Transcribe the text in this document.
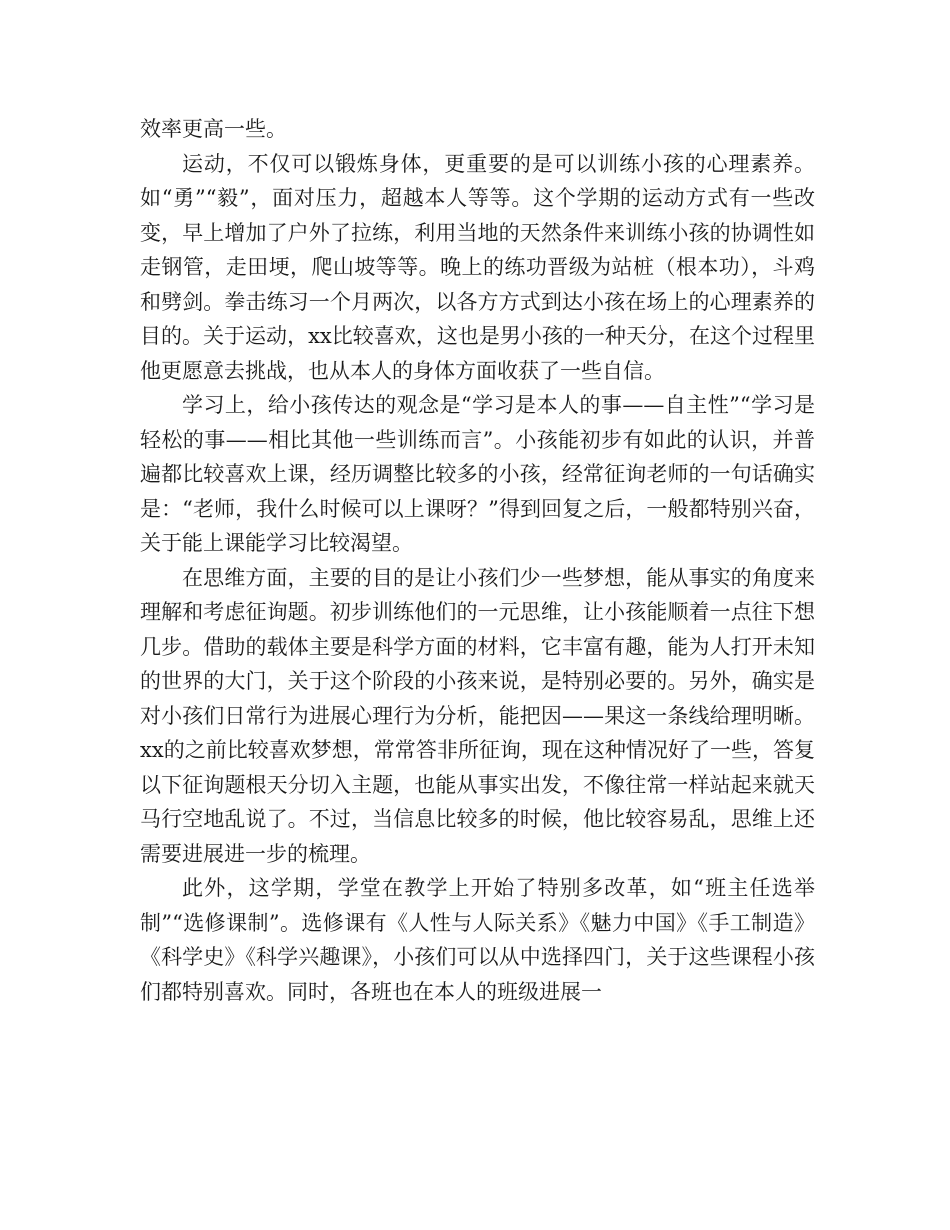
效率更高一些。

运动，不仅可以锻炼身体，更重要的是可以训练小孩的心理素养。如“勇”“毅”，面对压力，超越本人等等。这个学期的运动方式有一些改变，早上增加了户外了拉练，利用当地的天然条件来训练小孩的协调性如走钢管，走田埂，爬山坡等等。晚上的练功晋级为站桩（根本功），斗鸡和劈剑。拳击练习一个月两次，以各方方式到达小孩在场上的心理素养的目的。关于运动，xx比较喜欢，这也是男小孩的一种天分，在这个过程里他更愿意去挑战，也从本人的身体方面收获了一些自信。

学习上，给小孩传达的观念是“学习是本人的事——自主性”“学习是轻松的事——相比其他一些训练而言”。小孩能初步有如此的认识，并普遍都比较喜欢上课，经历调整比较多的小孩，经常征询老师的一句话确实是：“老师，我什么时候可以上课呀？”得到回复之后，一般都特别兴奋，关于能上课能学习比较渴望。

在思维方面，主要的目的是让小孩们少一些梦想，能从事实的角度来理解和考虑征询题。初步训练他们的一元思维，让小孩能顺着一点往下想几步。借助的载体主要是科学方面的材料，它丰富有趣，能为人打开未知的世界的大门，关于这个阶段的小孩来说，是特别必要的。另外，确实是对小孩们日常行为进展心理行为分析，能把因——果这一条线给理明晰。xx的之前比较喜欢梦想，常常答非所征询，现在这种情况好了一些，答复以下征询题根天分切入主题，也能从事实出发，不像往常一样站起来就天马行空地乱说了。不过，当信息比较多的时候，他比较容易乱，思维上还需要进展进一步的梳理。

此外，这学期，学堂在教学上开始了特别多改革，如“班主任选举制”“选修课制”。选修课有《人性与人际关系》《魅力中国》《手工制造》《科学史》《科学兴趣课》，小孩们可以从中选择四门，关于这些课程小孩们都特别喜欢。同时，各班也在本人的班级进展一
